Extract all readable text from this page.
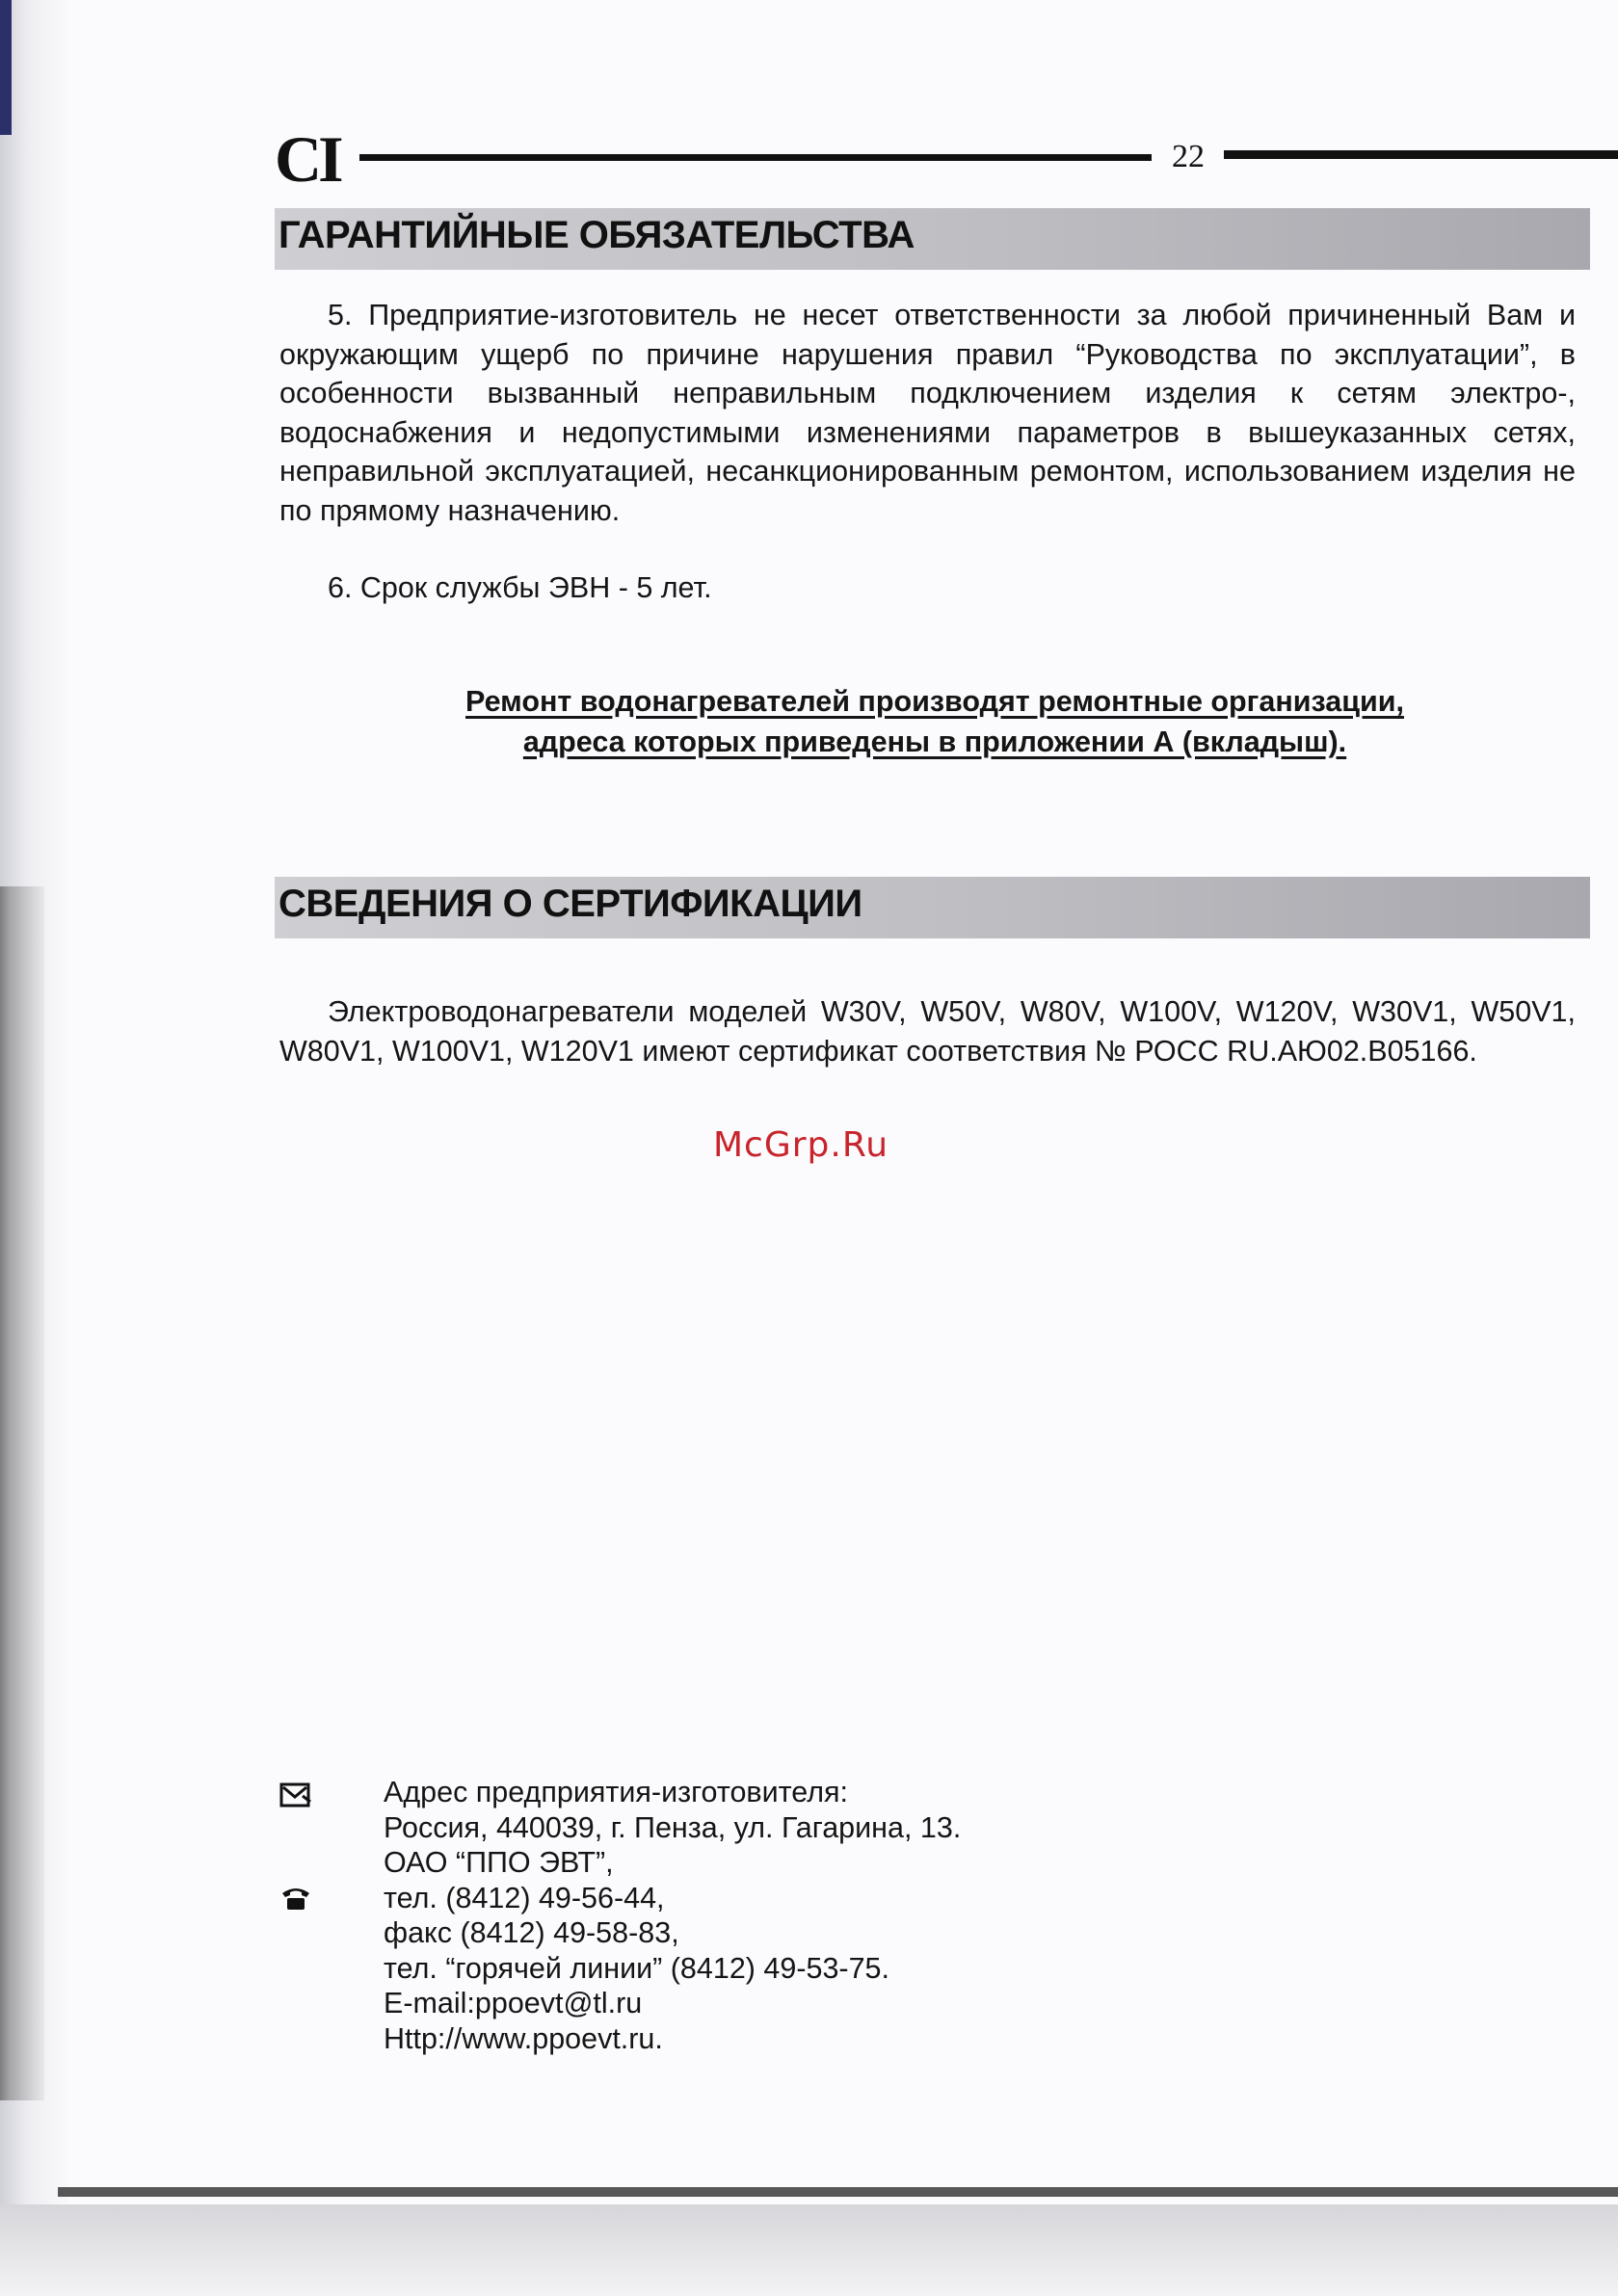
CI	22
ГАРАНТИЙНЫЕ ОБЯЗАТЕЛЬСТВА
5. Предприятие-изготовитель не несет ответственности за любой причиненный Вам и окружающим ущерб по причине нарушения правил “Руководства по эксплуатации”, в особенности вызванный неправильным подключением изделия к сетям электро-, водоснабжения и недопустимыми изменениями параметров в вышеуказанных сетях, неправильной эксплуатацией, несанкционированным ремонтом, использованием изделия не по прямому назначению.
6. Срок службы ЭВН - 5 лет.
Ремонт водонагревателей производят ремонтные организации,
адреса которых приведены в приложении А (вкладыш).
СВЕДЕНИЯ О СЕРТИФИКАЦИИ
Электроводонагреватели моделей W30V, W50V, W80V, W100V, W120V, W30V1, W50V1, W80V1, W100V1, W120V1 имеют сертификат соответствия № РОСС RU.АЮ02.В05166.
McGrp.Ru
Адрес предприятия-изготовителя:
Россия, 440039, г. Пенза, ул. Гагарина, 13.
ОАО “ППО ЭВТ”,
тел. (8412) 49-56-44,
факс (8412) 49-58-83,
тел. “горячей линии” (8412) 49-53-75.
E-mail:ppoevt@tl.ru
Http://www.ppoevt.ru.
